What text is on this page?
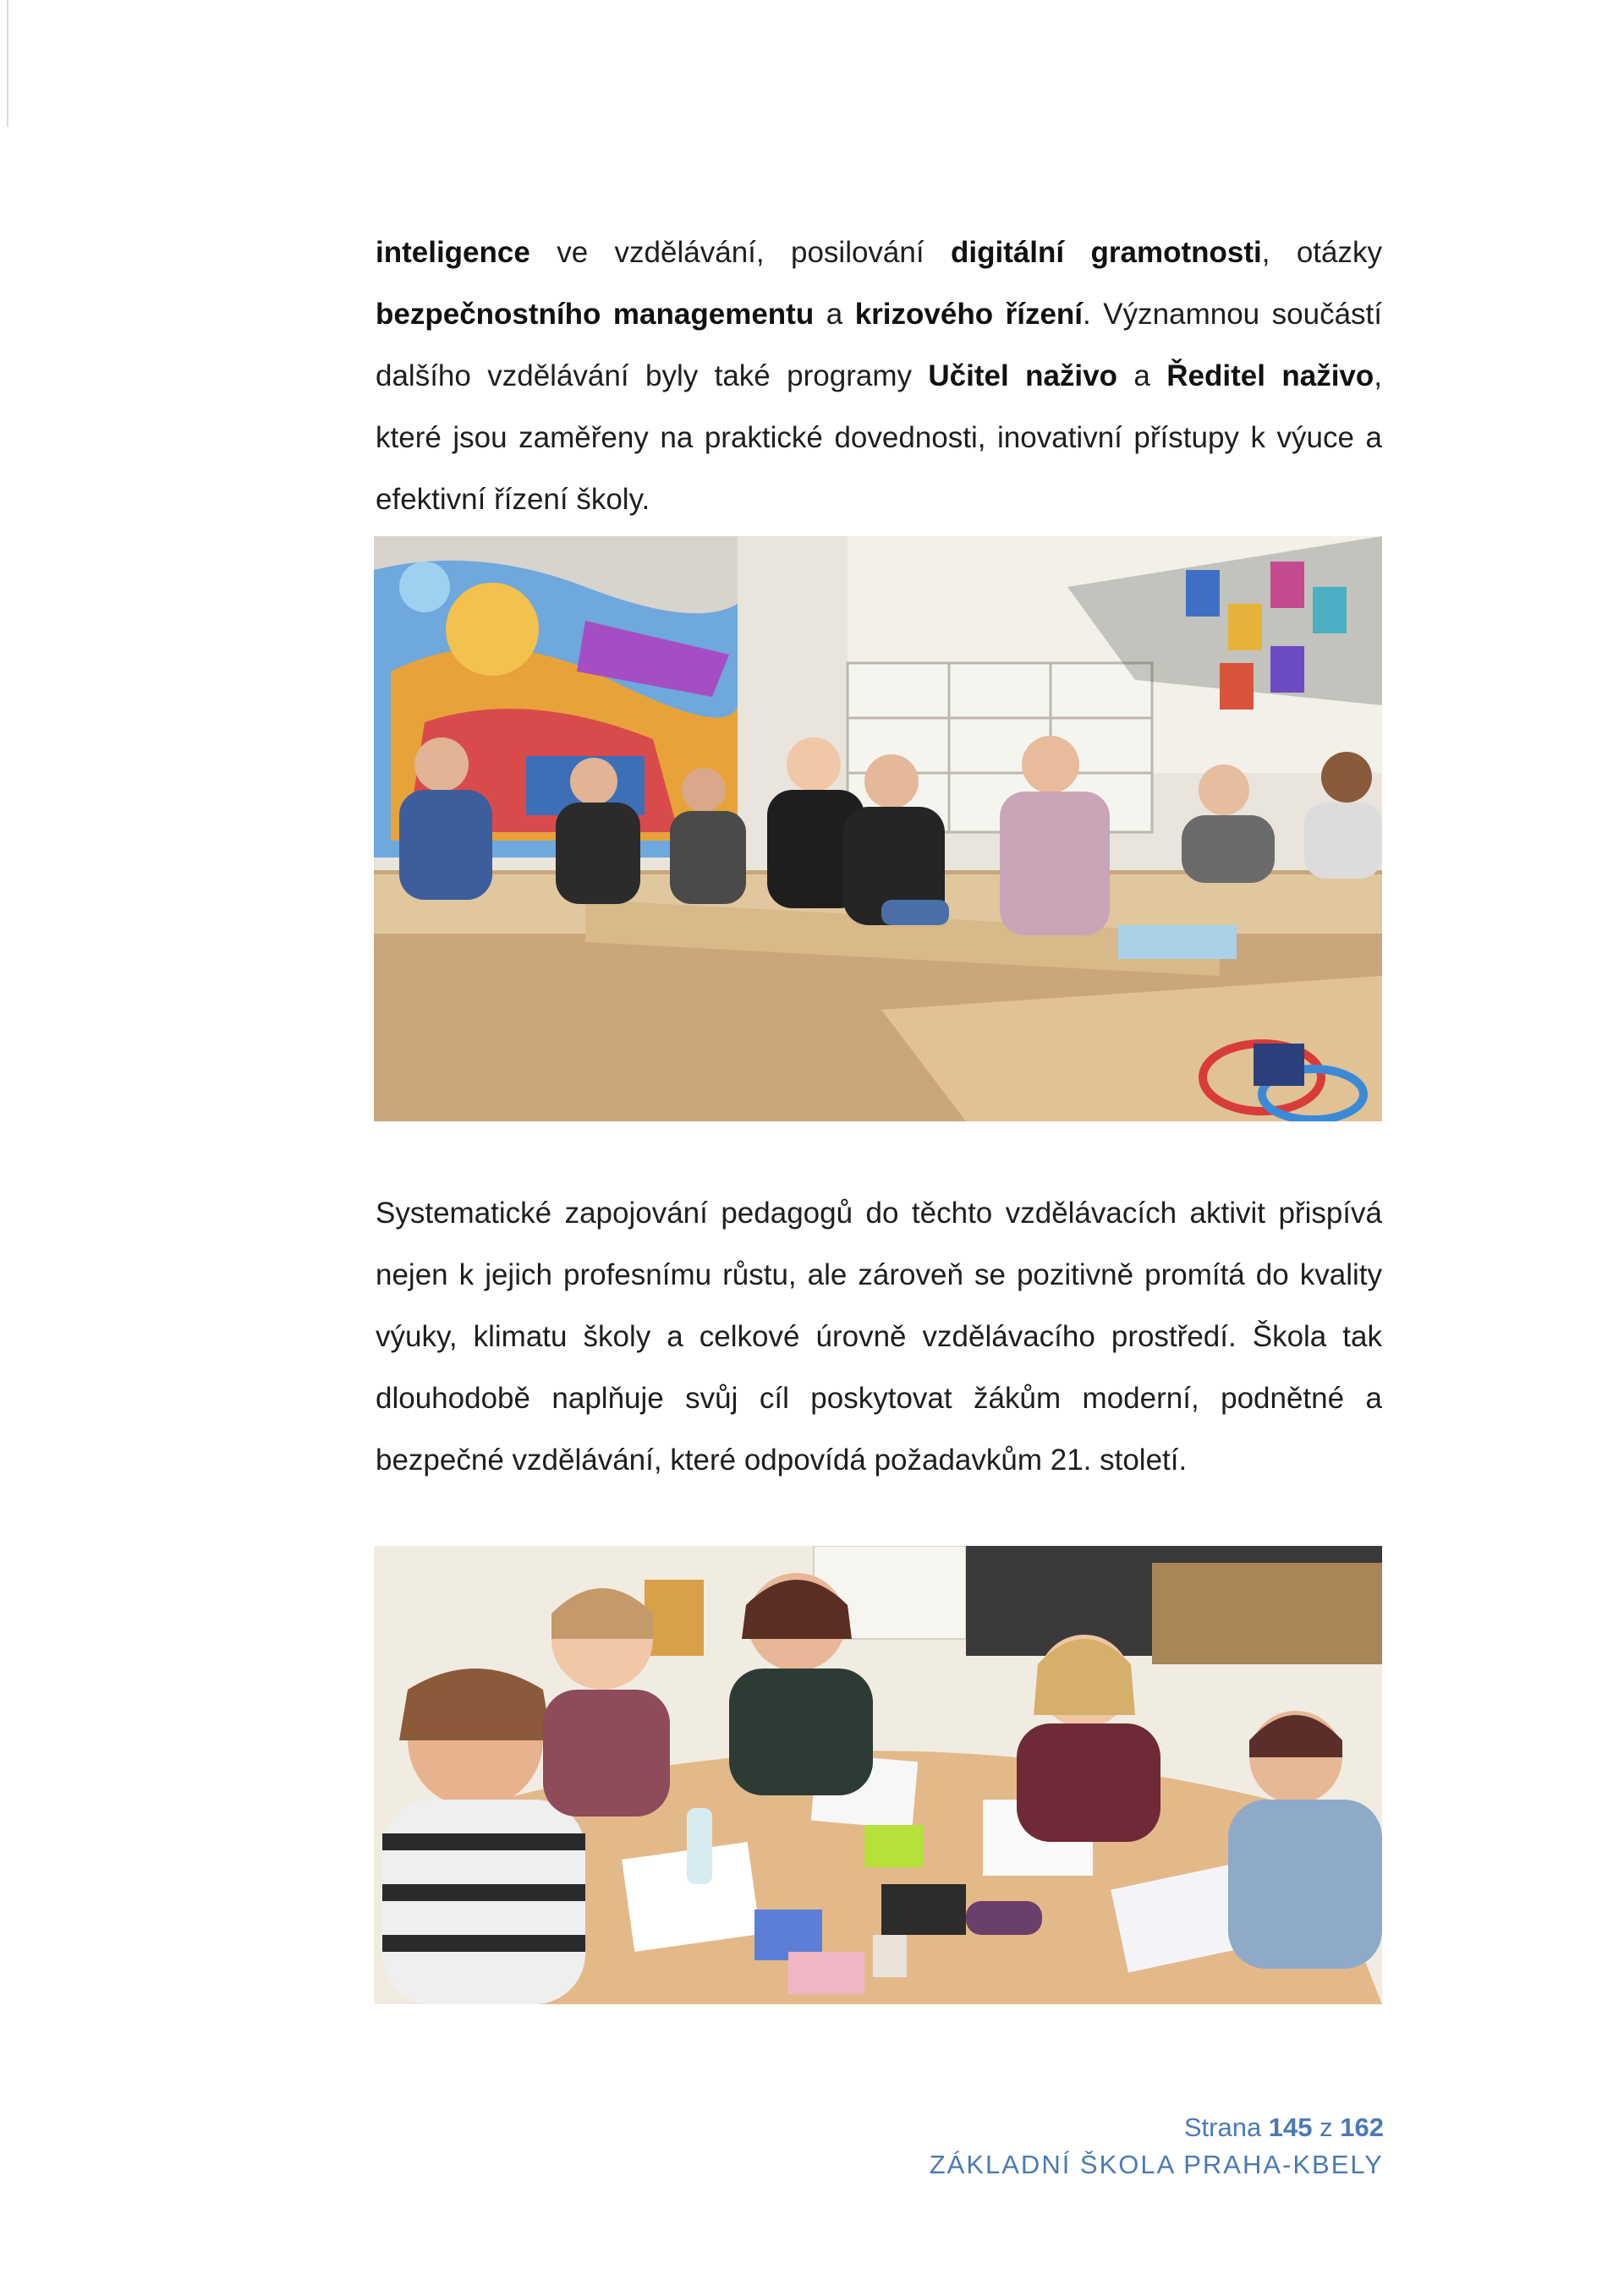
inteligence ve vzdělávání, posilování digitální gramotnosti, otázky bezpečnostního managementu a krizového řízení. Významnou součástí dalšího vzdělávání byly také programy Učitel naživo a Ředitel naživo, které jsou zaměřeny na praktické dovednosti, inovativní přístupy k výuce a efektivní řízení školy.

Systematické zapojování pedagogů do těchto vzdělávacích aktivit přispívá nejen k jejich profesnímu růstu, ale zároveň se pozitivně promítá do kvality výuky, klimatu školy a celkové úrovně vzdělávacího prostředí. Škola tak dlouhodobě naplňuje svůj cíl poskytovat žákům moderní, podnětné a bezpečné vzdělávání, které odpovídá požadavkům 21. století.

Strana 145 z 162
ZÁKLADNÍ ŠKOLA PRAHA-KBELY
